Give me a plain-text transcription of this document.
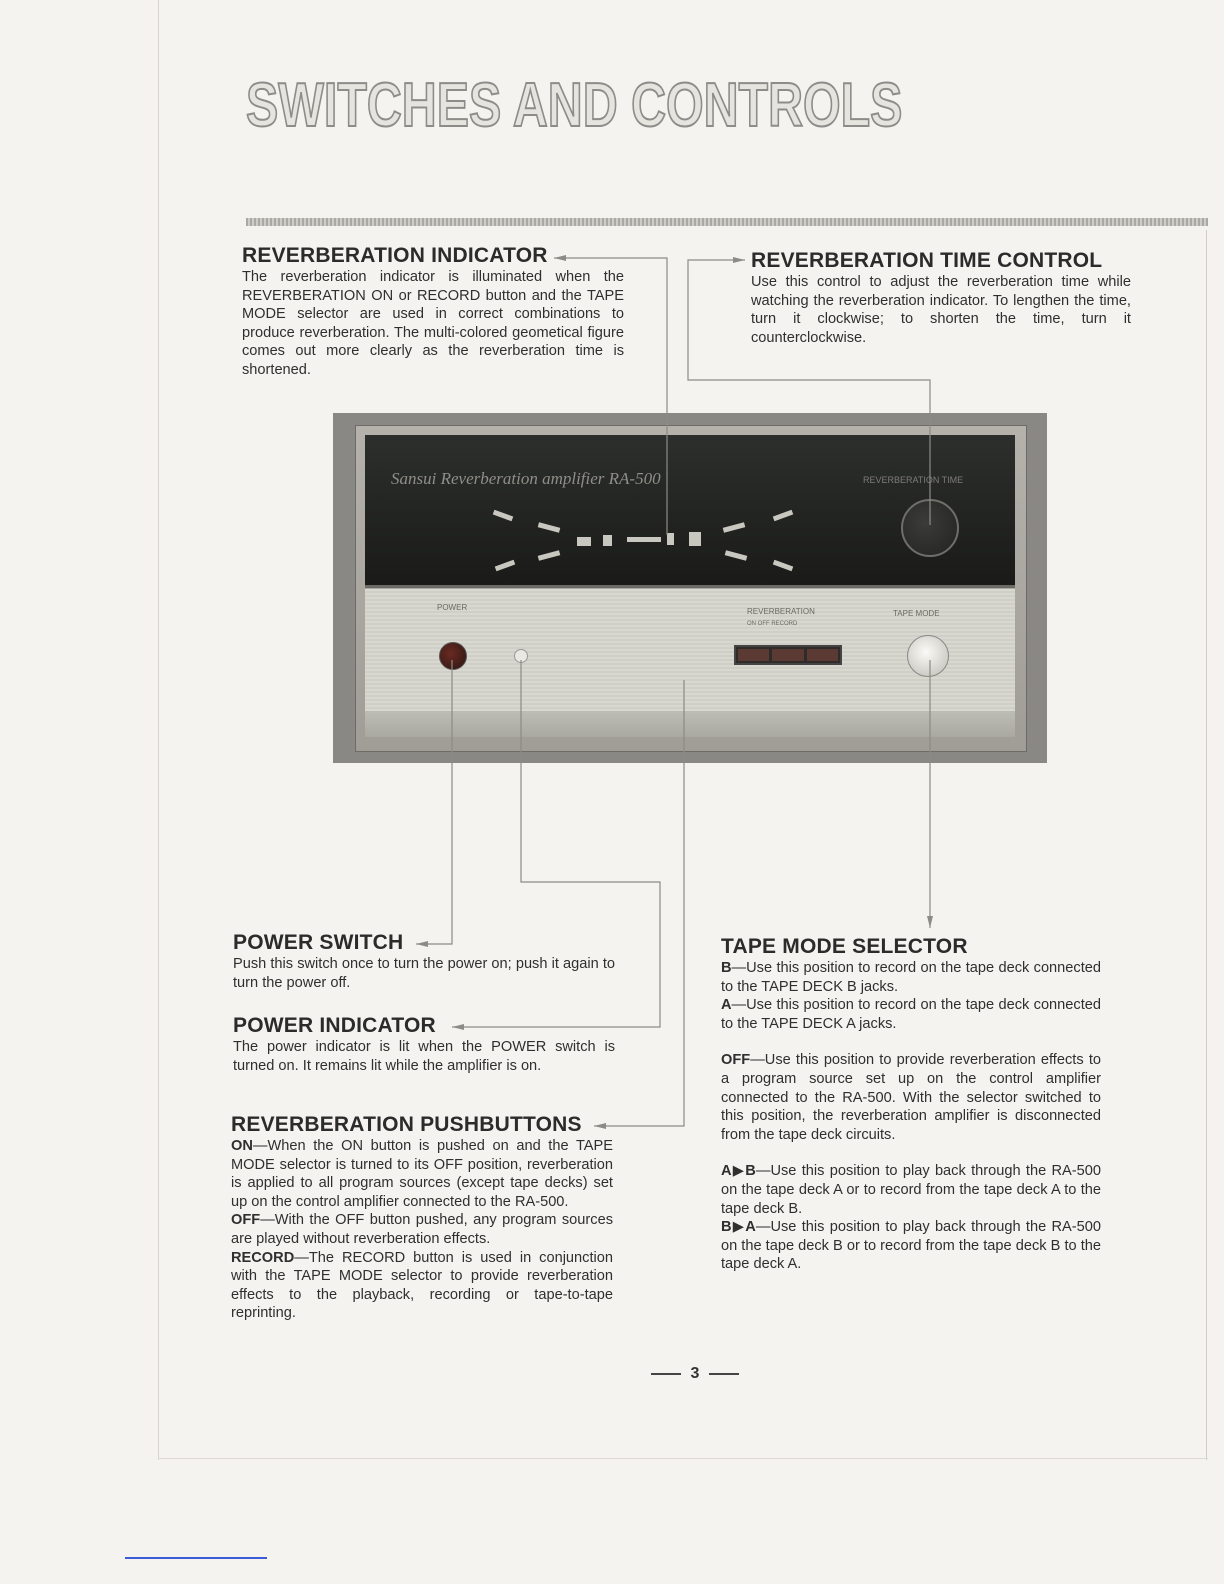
SWITCHES AND CONTROLS
REVERBERATION INDICATOR

The reverberation indicator is illuminated when the REVERBERATION ON or RECORD button and the TAPE MODE selector are used in correct combinations to produce reverberation. The multi-colored geometical figure comes out more clearly as the reverberation time is shortened.

REVERBERATION TIME CONTROL

Use this control to adjust the reverberation time while watching the reverberation indicator. To lengthen the time, turn it clockwise; to shorten the time, turn it counterclockwise.

Sansui Reverberation amplifier RA-500	REVERBERATION TIME
POWER	REVERBERATION
ON OFF RECORD
TAPE MODE
POWER SWITCH

Push this switch once to turn the power on; push it again to turn the power off.

POWER INDICATOR

The power indicator is lit when the POWER switch is turned on. It remains lit while the amplifier is on.

REVERBERATION PUSHBUTTONS

ON—When the ON button is pushed on and the TAPE MODE selector is turned to its OFF position, reverberation is applied to all program sources (except tape decks) set up on the control amplifier connected to the RA-500.

OFF—With the OFF button pushed, any program sources are played without reverberation effects.

RECORD—The RECORD button is used in conjunction with the TAPE MODE selector to provide reverberation effects to the playback, recording or tape-to-tape reprinting.

TAPE MODE SELECTOR

B—Use this position to record on the tape deck connected to the TAPE DECK B jacks.

A—Use this position to record on the tape deck connected to the TAPE DECK A jacks.

OFF—Use this position to provide reverberation effects to a program source set up on the control amplifier connected to the RA-500. With the selector switched to this position, the reverberation amplifier is disconnected from the tape deck circuits.

A▶B—Use this position to play back through the RA-500 on the tape deck A or to record from the tape deck A to the tape deck B.

B▶A—Use this position to play back through the RA-500 on the tape deck B or to record from the tape deck B to the tape deck A.

3
